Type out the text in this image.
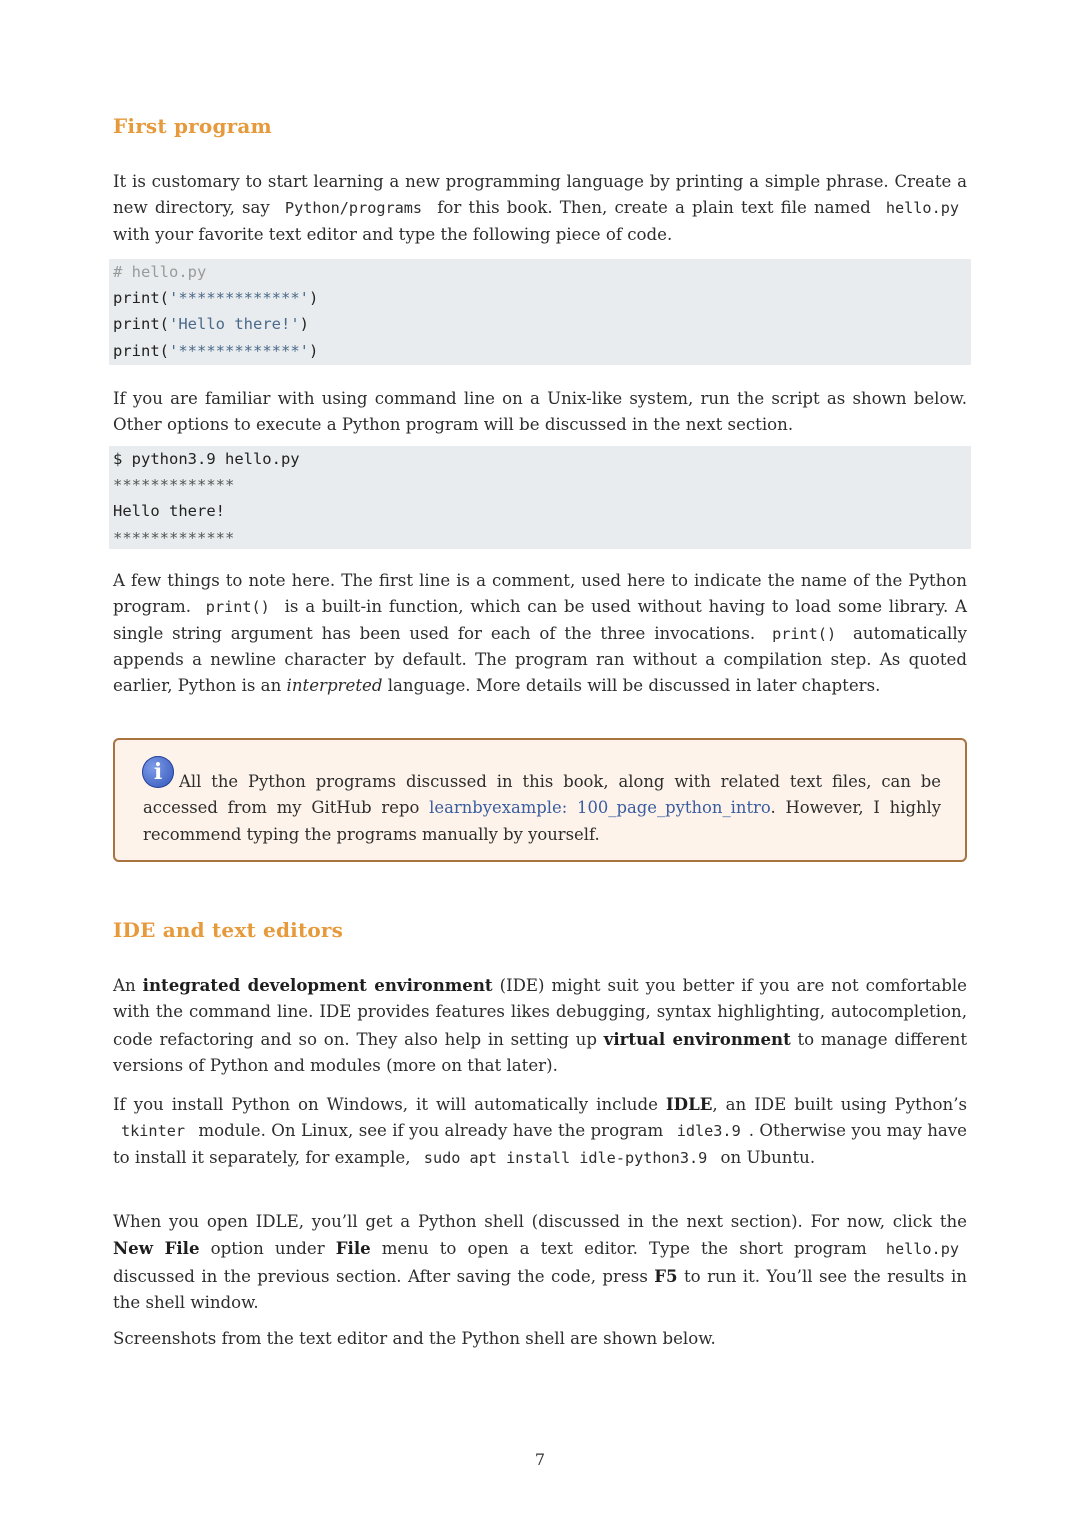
First program

It is customary to start learning a new programming language by printing a simple phrase. Create a new directory, say Python/programs for this book. Then, create a plain text file named hello.py with your favorite text editor and type the following piece of code.

# hello.py
print('*************')
print('Hello there!')
print('*************')

If you are familiar with using command line on a Unix-like system, run the script as shown below. Other options to execute a Python program will be discussed in the next section.

$ python3.9 hello.py
*************
Hello there!
*************

A few things to note here. The first line is a comment, used here to indicate the name of the Python program. print() is a built-in function, which can be used without having to load some library. A single string argument has been used for each of the three invocations. print() automatically appends a newline character by default. The program ran without a compilation step. As quoted earlier, Python is an interpreted language. More details will be discussed in later chapters.

i	All the Python programs discussed in this book, along with related text files, can be accessed from my GitHub repo learnbyexample: 100_page_python_intro. However, I highly recommend typing the programs manually by yourself.

IDE and text editors

An integrated development environment (IDE) might suit you better if you are not comfortable with the command line. IDE provides features likes debugging, syntax highlighting, autocompletion, code refactoring and so on. They also help in setting up virtual environment to manage different versions of Python and modules (more on that later).

If you install Python on Windows, it will automatically include IDLE, an IDE built using Python’s tkinter module. On Linux, see if you already have the program idle3.9 . Otherwise you may have to install it separately, for example, sudo apt install idle-python3.9 on Ubuntu.

When you open IDLE, you’ll get a Python shell (discussed in the next section). For now, click the New File option under File menu to open a text editor. Type the short program hello.py discussed in the previous section. After saving the code, press F5 to run it. You’ll see the results in the shell window.

Screenshots from the text editor and the Python shell are shown below.

7
